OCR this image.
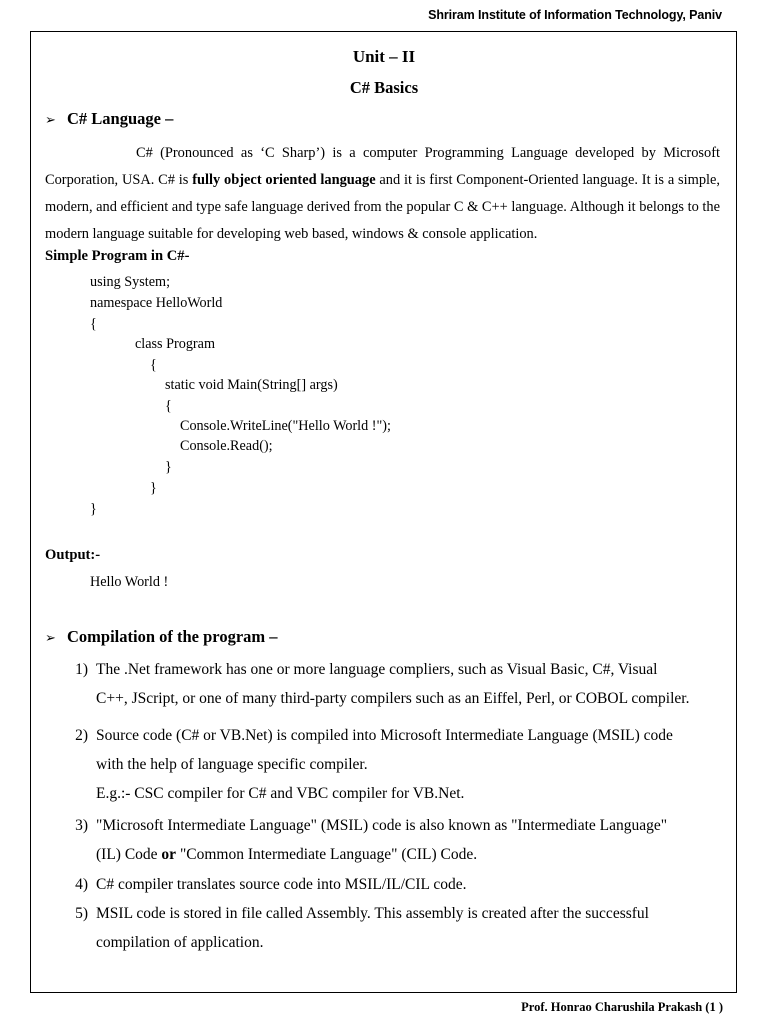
Shriram Institute of Information Technology, Paniv
Unit – II
C# Basics
➢ C# Language –
C# (Pronounced as ‘C Sharp’) is a computer Programming Language developed by Microsoft Corporation, USA. C# is fully object oriented language and it is first Component-Oriented language. It is a simple, modern, and efficient and type safe language derived from the popular C & C++ language. Although it belongs to the modern language suitable for developing web based, windows & console application.
Simple Program in C#-
using System;
namespace HelloWorld
{
class Program
{
static void Main(String[] args)
{
Console.WriteLine("Hello World !");
Console.Read();
}
}
}
Output:-
Hello World !
➢ Compilation of the program –
1) The .Net framework has one or more language compliers, such as Visual Basic, C#, Visual
C++, JScript, or one of many third-party compilers such as an Eiffel, Perl, or COBOL compiler.
2) Source code (C# or VB.Net) is compiled into Microsoft Intermediate Language (MSIL) code
with the help of language specific compiler.
E.g.:- CSC compiler for C# and VBC compiler for VB.Net.
3) "Microsoft Intermediate Language" (MSIL) code is also known as "Intermediate Language"
(IL) Code or "Common Intermediate Language" (CIL) Code.
4) C# compiler translates source code into MSIL/IL/CIL code.
5) MSIL code is stored in file called Assembly. This assembly is created after the successful
compilation of application.
Prof. Honrao Charushila Prakash (1 )
